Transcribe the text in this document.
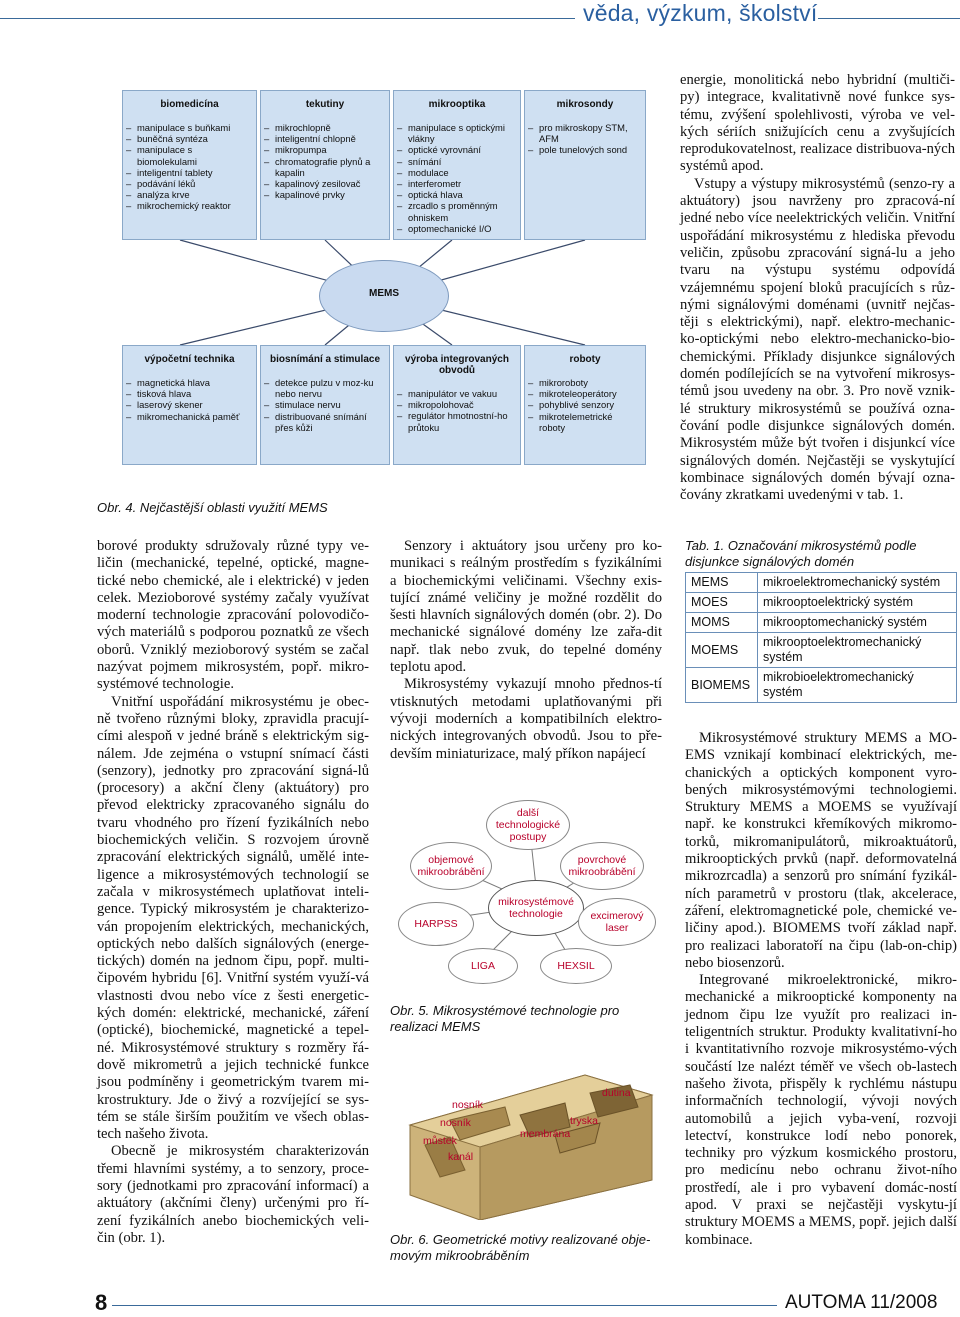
věda, výzkum, školství
biomedicína
– manipulace s buňkami
– buněčná syntéza
– manipulace s biomolekulami
– inteligentní tablety
– podávání léků
– analýza krve
– mikrochemický reaktor
tekutiny
– mikrochlopně
– inteligentní chlopně
– mikropumpa
– chromatografie plynů a kapalin
– kapalinový zesilovač
– kapalinové prvky
mikrooptika
– manipulace s optickými vlákny
– optické vyrovnání
– snímání
– modulace
– interferometr
– optická hlava
– zrcadlo s proměnným ohniskem
– optomechanické I/O
mikrosondy
– pro mikroskopy STM, AFM
– pole tunelových sond
MEMS
výpočetní technika
– magnetická hlava
– tisková hlava
– laserový skener
– mikromechanická paměť
biosnímání a stimulace
– detekce pulzu v moz-ku nebo nervu
– stimulace nervu
– distribuované snímání přes kůži
výroba integrovaných obvodů
– manipulátor ve vakuu
– mikropolohovač
– regulátor hmotnostní-ho průtoku
roboty
– mikroroboty
– mikroteleoperátory
– pohyblivé senzory
– mikrotelemetrické roboty
Obr. 4. Nejčastější oblasti využití MEMS

energie, monolitická nebo hybridní (multiči-py) integrace, kvalitativně nové funkce sys-tému, zvýšení spolehlivosti, výroba ve vel-kých sériích snižujících cenu a zvyšujících reprodukovatelnost, realizace distribuova-ných systémů apod.

Vstupy a výstupy mikrosystémů (senzo-ry a aktuátory) jsou navrženy pro zpracová-ní jedné nebo více neelektrických veličin. Vnitřní uspořádání mikrosystému z hlediska převodu veličin, způsobu zpracování signá-lu a jeho tvaru na výstupu systému odpovídá vzájemnému spojení bloků pracujících s růz-nými signálovými doménami (uvnitř nejčas-těji s elektrickými), např. elektro-mechanic-ko-optickými nebo elektro-mechanicko-bio-chemickými. Příklady disjunkce signálových domén podílejících se na vytvoření mikrosys-témů jsou uvedeny na obr. 3. Pro nově vznik-lé struktury mikrosystémů se používá ozna-čování podle disjunkce signálových domén. Mikrosystém může být tvořen i disjunkcí více signálových domén. Nejčastěji se vyskytující kombinace signálových domén bývají ozna-čovány zkratkami uvedenými v tab. 1.

Tab. 1. Označování mikrosystémů podle disjunkce signálových domén
MEMS	mikroelektromechanický systém
MOES	mikrooptoelektrický systém
MOMS	mikrooptomechanický systém
MOEMS	mikrooptoelektromechanický systém
BIOMEMS	mikrobioelektromechanický systém

borové produkty sdružovaly různé typy ve-ličin (mechanické, tepelné, optické, magne-tické nebo chemické, ale i elektrické) v jeden celek. Mezioborové systémy začaly využívat moderní technologie zpracování polovodičo-vých materiálů s podporou poznatků ze všech oborů. Vzniklý mezioborový systém se začal nazývat pojmem mikrosystém, popř. mikro-systémové technologie.

Vnitřní uspořádání mikrosystému je obec-ně tvořeno různými bloky, zpravidla pracují-cími alespoň v jedné bráně s elektrickým sig-nálem. Jde zejména o vstupní snímací části (senzory), jednotky pro zpracování signá-lů (procesory) a akční členy (aktuátory) pro převod elektricky zpracovaného signálu do tvaru vhodného pro řízení fyzikálních nebo biochemických veličin. S rozvojem úrovně zpracování elektrických signálů, umělé inte-ligence a mikrosystémových technologií se začala v mikrosystémech uplatňovat inteli-gence. Typický mikrosystém je charakterizo-ván propojením elektrických, mechanických, optických nebo dalších signálových (energe-tických) domén na jednom čipu, popř. multi-čipovém hybridu [6]. Vnitřní systém využí-vá vlastnosti dvou nebo více z šesti energetic-kých domén: elektrické, mechanické, záření (optické), biochemické, magnetické a tepel-né. Mikrosystémové struktury s rozměry řá-dově mikrometrů a jejich technické funkce jsou podmíněny i geometrickým tvarem mi-krostruktury. Jde o živý a rozvíjející se sys-tém se stále širším použitím ve všech oblas-tech našeho života.

Obecně je mikrosystém charakterizován třemi hlavními systémy, a to senzory, proce-sory (jednotkami pro zpracování informací) a aktuátory (akčními členy) určenými pro ří-zení fyzikálních anebo biochemických veli-čin (obr. 1).

Senzory i aktuátory jsou určeny pro ko-munikaci s reálným prostředím s fyzikálními a biochemickými veličinami. Všechny exis-tující známé veličiny je možné rozdělit do šesti hlavních signálových domén (obr. 2). Do mechanické signálové domény lze zařa-dit např. tlak nebo zvuk, do tepelné domény teplotu apod.

Mikrosystémy vykazují mnoho přednos-tí vtisknutých metodami uplatňovanými při vývoji moderních a kompatibilních elektro-nických integrovaných obvodů. Jsou to pře-devším miniaturizace, malý příkon napájecí

další technologické postupy
objemové mikroobrábění
povrchové mikroobrábění
mikrosystémové technologie
HARPSS
excimerový laser
LIGA	HEXSIL
Obr. 5. Mikrosystémové technologie pro realizaci MEMS
nosník
nosník
můstek
kanál
membrána
tryska
dutina
Obr. 6. Geometrické motivy realizované obje-movým mikroobráběním

Mikrosystémové struktury MEMS a MO-EMS vznikají kombinací elektrických, me-chanických a optických komponent vyro-bených mikrosystémovými technologiemi. Struktury MEMS a MOEMS se využívají např. ke konstrukci křemíkových mikromo-torků, mikromanipulátorů, mikroaktuátorů, mikrooptických prvků (např. deformovatelná mikrozrcadla) a senzorů pro snímání fyzikál-ních parametrů v prostoru (tlak, akcelerace, záření, elektromagnetické pole, chemické ve-ličiny apod.). BIOMEMS tvoří základ např. pro realizaci laboratoří na čipu (lab-on-chip) nebo biosenzorů.

Integrované mikroelektronické, mikro-mechanické a mikrooptické komponenty na jednom čipu lze využít pro realizaci in-teligentních struktur. Produkty kvalitativní-ho i kvantitativního rozvoje mikrosystémo-vých součástí lze nalézt téměř ve všech ob-lastech našeho života, přispěly k rychlému nástupu informačních technologií, vývoji nových automobilů a jejich vyba-vení, rozvoji letectví, konstrukce lodí nebo ponorek, techniky pro výzkum kosmického prostoru, pro medicínu nebo ochranu život-ního prostředí, ale i pro vybavení domác-ností apod. V praxi se nejčastěji vyskytu-jí struktury MOEMS a MEMS, popř. jejich další kombinace.

8	AUTOMA 11/2008
